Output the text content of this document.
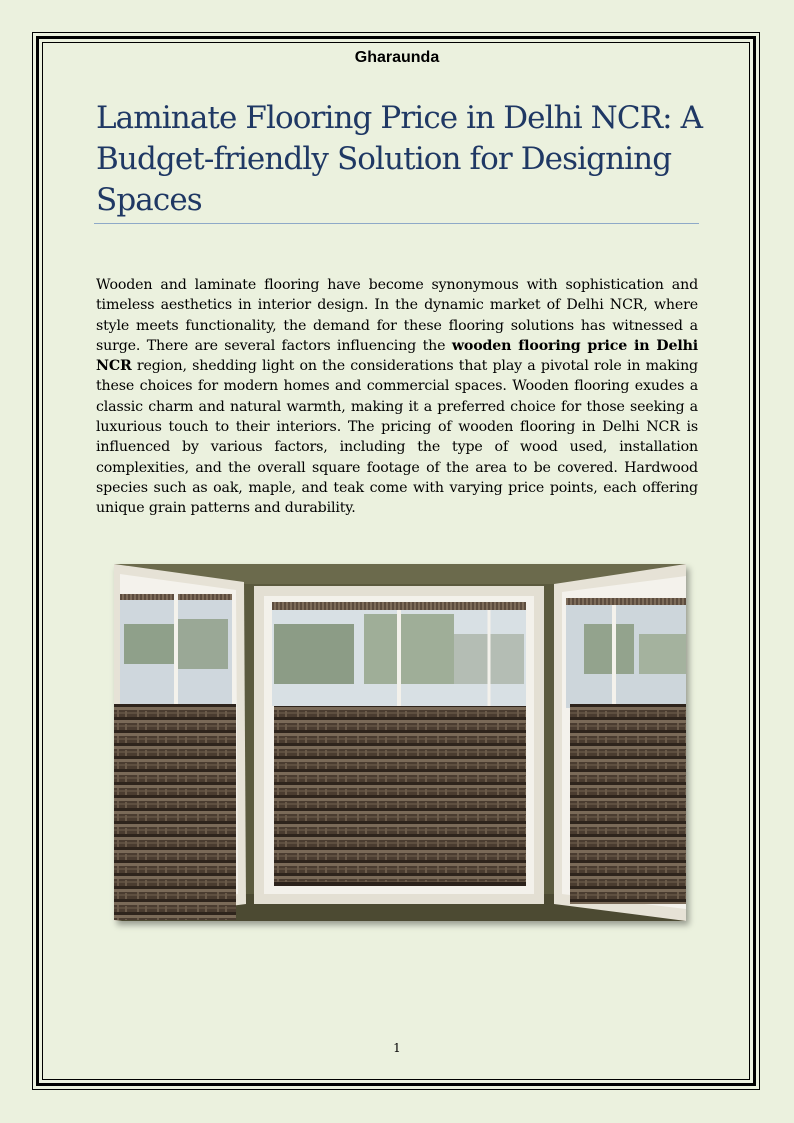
Gharaunda
Laminate Flooring Price in Delhi NCR: A Budget-friendly Solution for Designing Spaces

Wooden and laminate flooring have become synonymous with sophistication and timeless aesthetics in interior design. In the dynamic market of Delhi NCR, where style meets functionality, the demand for these flooring solutions has witnessed a surge. There are several factors influencing the wooden flooring price in Delhi NCR region, shedding light on the considerations that play a pivotal role in making these choices for modern homes and commercial spaces. Wooden flooring exudes a classic charm and natural warmth, making it a preferred choice for those seeking a luxurious touch to their interiors. The pricing of wooden flooring in Delhi NCR is influenced by various factors, including the type of wood used, installation complexities, and the overall square footage of the area to be covered. Hardwood species such as oak, maple, and teak come with varying price points, each offering unique grain patterns and durability.

1
